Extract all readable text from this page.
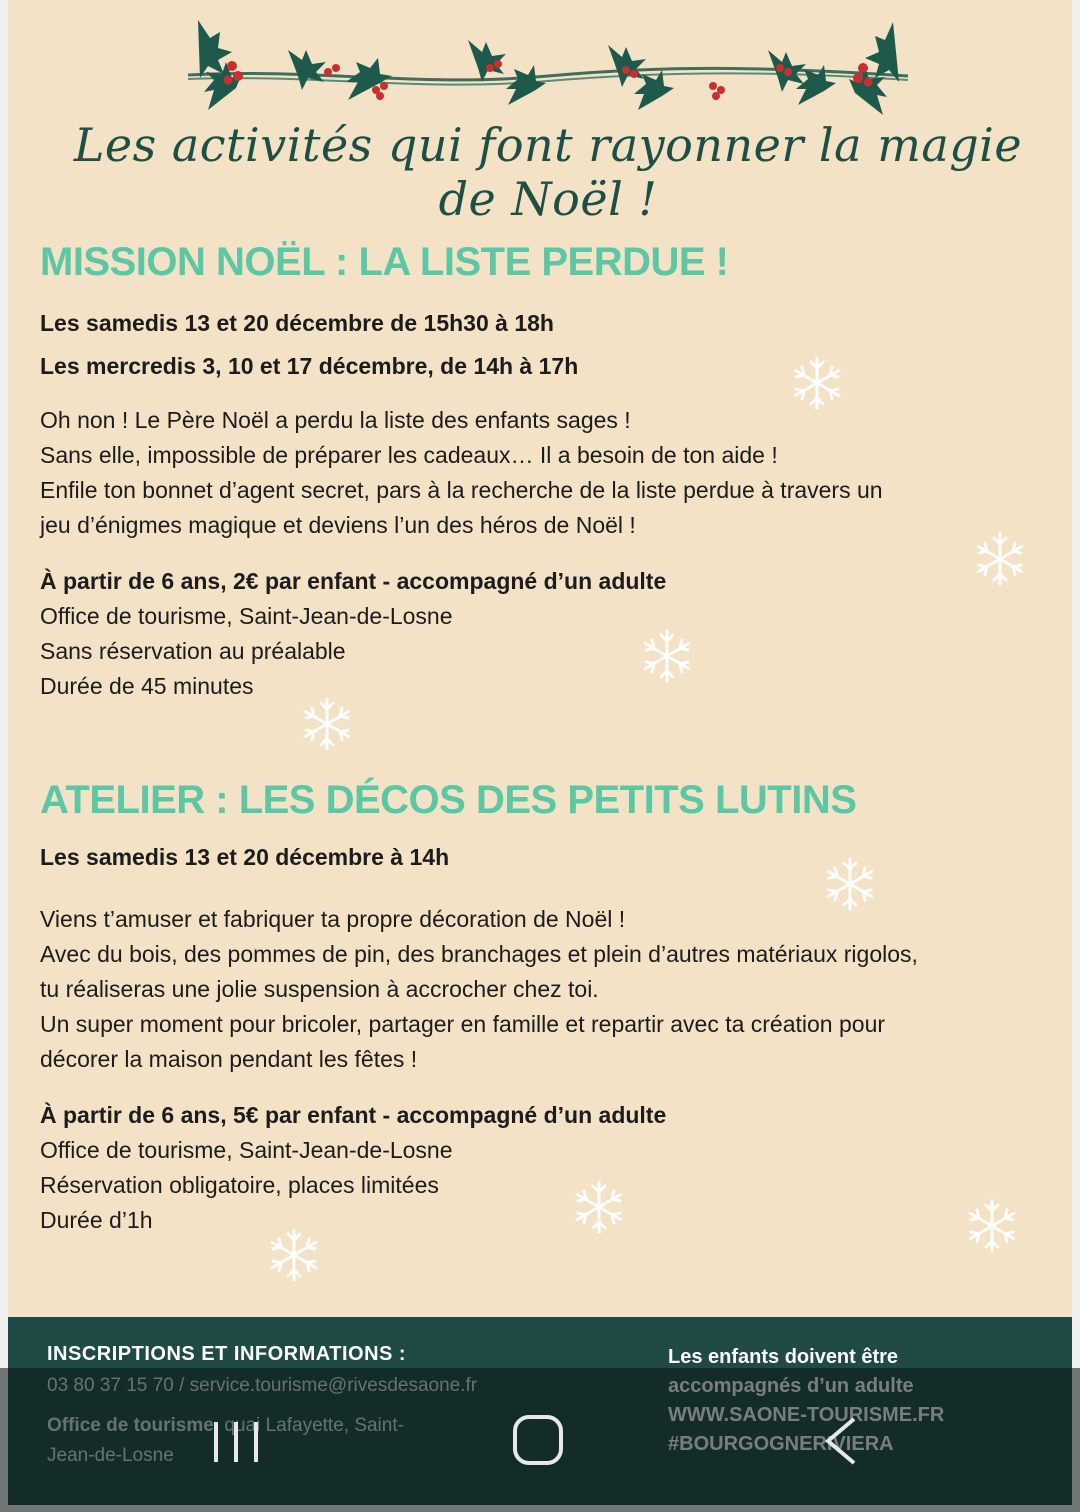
Les activités qui font rayonner la magie de Noël !
MISSION NOËL : LA LISTE PERDUE !

Les samedis 13 et 20 décembre de 15h30 à 18h

Les mercredis 3, 10 et 17 décembre, de 14h à 17h

Oh non ! Le Père Noël a perdu la liste des enfants sages !
Sans elle, impossible de préparer les cadeaux… Il a besoin de ton aide !
Enfile ton bonnet d’agent secret, pars à la recherche de la liste perdue à travers un
jeu d’énigmes magique et deviens l’un des héros de Noël !
À partir de 6 ans, 2€ par enfant - accompagné d’un adulte
Office de tourisme, Saint-Jean-de-Losne
Sans réservation au préalable
Durée de 45 minutes
ATELIER : LES DÉCOS DES PETITS LUTINS

Les samedis 13 et 20 décembre à 14h

Viens t’amuser et fabriquer ta propre décoration de Noël !
Avec du bois, des pommes de pin, des branchages et plein d’autres matériaux rigolos,
tu réaliseras une jolie suspension à accrocher chez toi.
Un super moment pour bricoler, partager en famille et repartir avec ta création pour
décorer la maison pendant les fêtes !
À partir de 6 ans, 5€ par enfant - accompagné d’un adulte
Office de tourisme, Saint-Jean-de-Losne
Réservation obligatoire, places limitées
Durée d’1h
INSCRIPTIONS ET INFORMATIONS :	Les enfants doivent être
